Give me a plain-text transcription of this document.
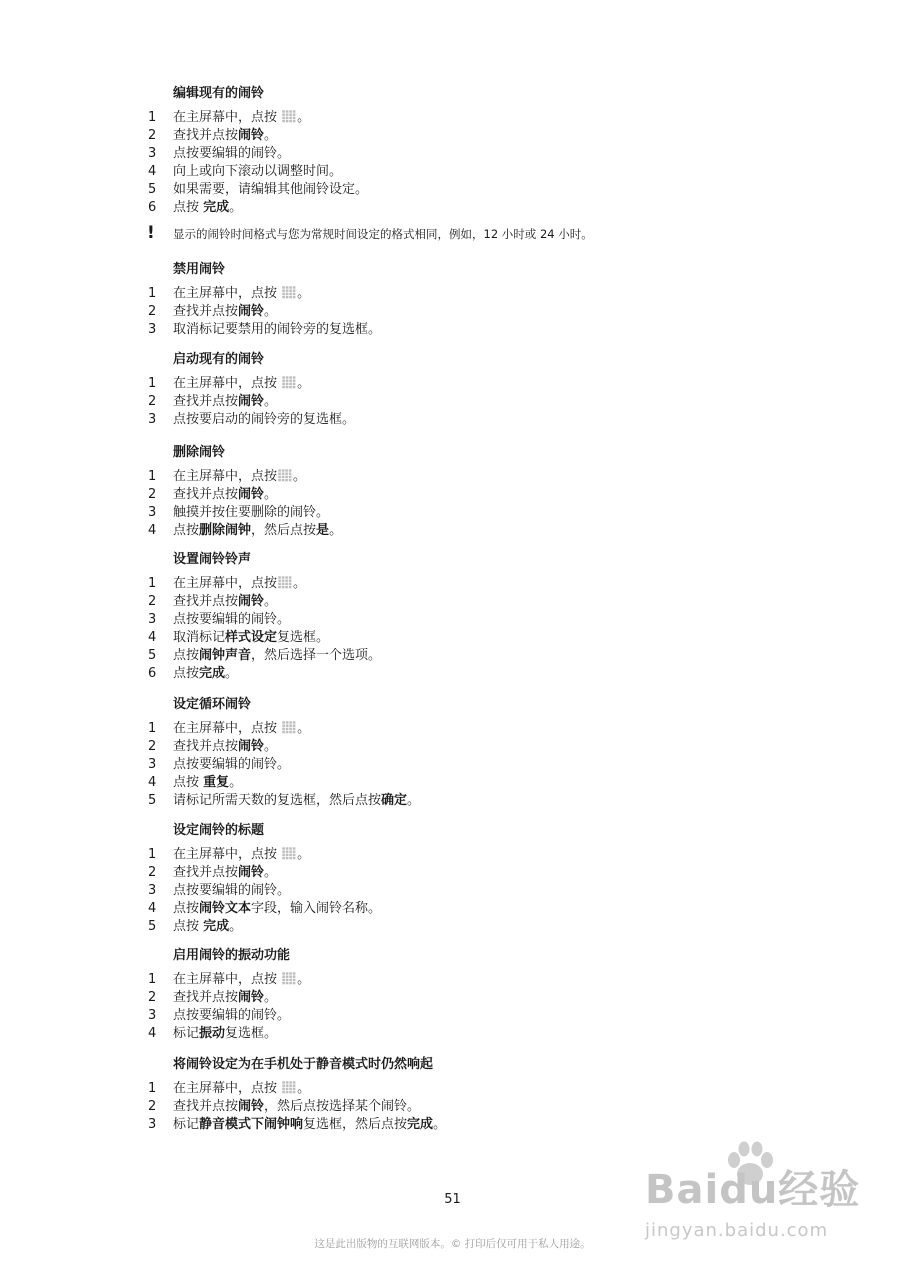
编辑现有的闹铃
1	在主屏幕中，点按
。
2	查找并点按闹铃。
3	点按要编辑的闹铃。
4	向上或向下滚动以调整时间。
5	如果需要，请编辑其他闹铃设定。
6	点按 完成。
! 显示的闹铃时间格式与您为常规时间设定的格式相同，例如，12 小时或 24 小时。
禁用闹铃
1	在主屏幕中，点按
。
2	查找并点按闹铃。
3	取消标记要禁用的闹铃旁的复选框。
启动现有的闹铃
1	在主屏幕中，点按
。
2	查找并点按闹铃。
3	点按要启动的闹铃旁的复选框。
删除闹铃
1	在主屏幕中，点按 。
2	查找并点按闹铃。
3	触摸并按住要删除的闹铃。
4	点按删除闹钟，然后点按是。
设置闹铃铃声
1	在主屏幕中，点按 。
2	查找并点按闹铃。
3	点按要编辑的闹铃。
4	取消标记样式设定复选框。
5	点按闹钟声音，然后选择一个选项。
6	点按完成。
设定循环闹铃
1	在主屏幕中，点按
。
2	查找并点按闹铃。
3	点按要编辑的闹铃。
4	点按 重复。
5	请标记所需天数的复选框，然后点按确定。
设定闹铃的标题
1	在主屏幕中，点按
。
2	查找并点按闹铃。
3	点按要编辑的闹铃。
4	点按闹铃文本字段，输入闹铃名称。
5	点按 完成。
启用闹铃的振动功能
1	在主屏幕中，点按
。
2	查找并点按闹铃。
3	点按要编辑的闹铃。
4	标记振动复选框。
将闹铃设定为在手机处于静音模式时仍然响起
1	在主屏幕中，点按
。
2	查找并点按闹铃，然后点按选择某个闹铃。
3	标记静音模式下闹钟响复选框，然后点按完成。
51
这是此出版物的互联网版本。© 打印后仅可用于私人用途。
Baidu经验
jingyan.baidu.com
